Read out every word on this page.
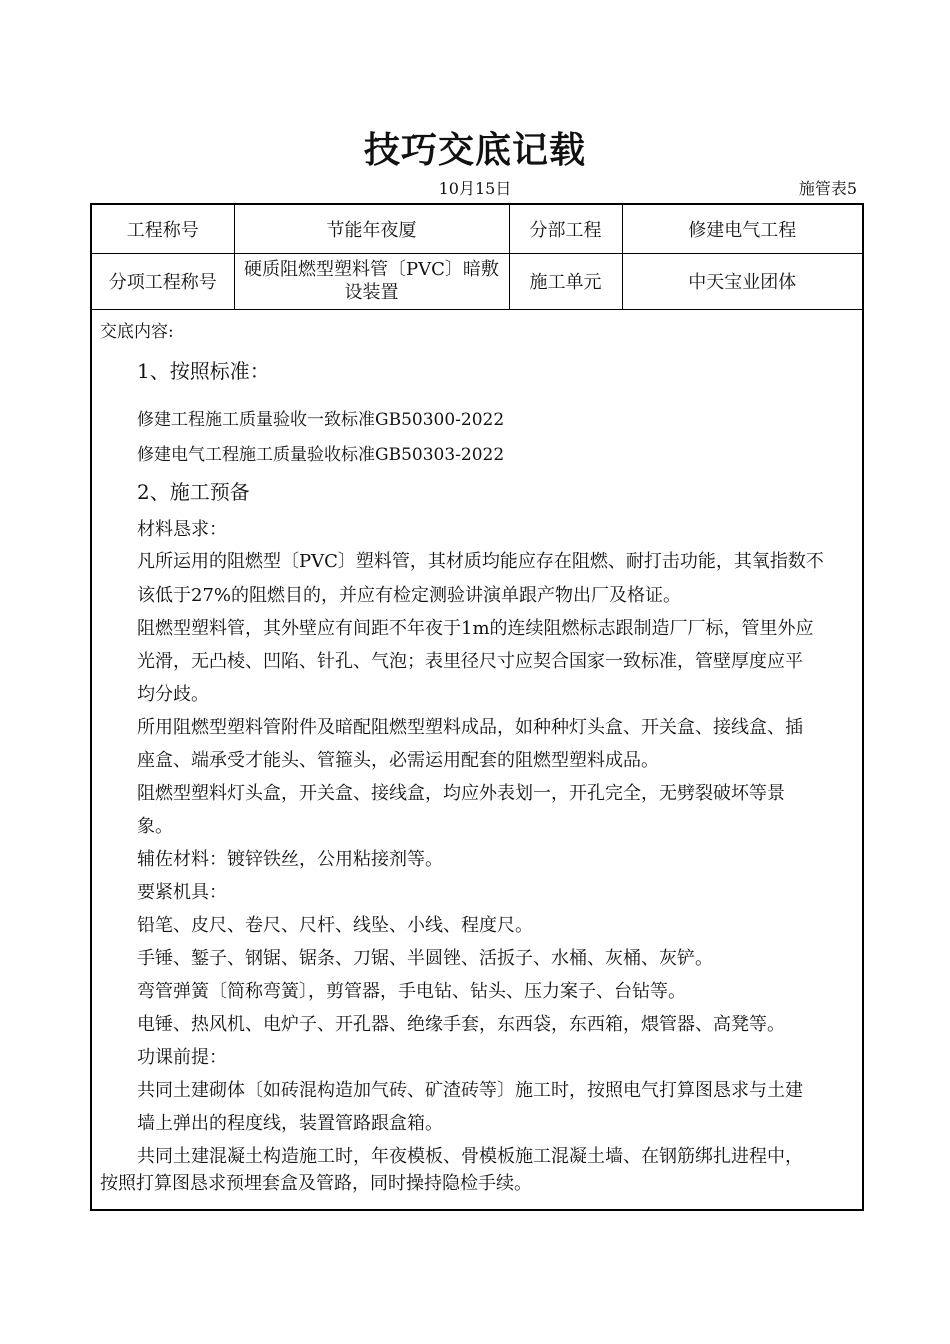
技巧交底记载
10月15日	施管表5
工程称号	节能年夜厦	分部工程	修建电气工程
分项工程称号	硬质阻燃型塑料管〔PVC〕暗敷设装置	施工单元	中天宝业团体
交底内容:
1、按照标准：
修建工程施工质量验收一致标准GB50300-2022
修建电气工程施工质量验收标准GB50303-2022
2、施工预备
材料恳求：
凡所运用的阻燃型〔PVC〕塑料管，其材质均能应存在阻燃、耐打击功能，其氧指数不
该低于27%的阻燃目的，并应有检定测验讲演单跟产物出厂及格证。
阻燃型塑料管，其外壁应有间距不年夜于1m的连续阻燃标志跟制造厂厂标，管里外应
光滑，无凸棱、凹陷、针孔、气泡；表里径尺寸应契合国家一致标准，管壁厚度应平
均分歧。
所用阻燃型塑料管附件及暗配阻燃型塑料成品，如种种灯头盒、开关盒、接线盒、插
座盒、端承受才能头、管箍头，必需运用配套的阻燃型塑料成品。
阻燃型塑料灯头盒，开关盒、接线盒，均应外表划一，开孔完全，无劈裂破坏等景
象。
辅佐材料：镀锌铁丝，公用粘接剂等。
要紧机具：
铅笔、皮尺、卷尺、尺杆、线坠、小线、程度尺。
手锤、錾子、钢锯、锯条、刀锯、半圆锉、活扳子、水桶、灰桶、灰铲。
弯管弹簧〔简称弯簧〕，剪管器，手电钻、钻头、压力案子、台钻等。
电锤、热风机、电炉子、开孔器、绝缘手套，东西袋，东西箱，煨管器、高凳等。
功课前提：
共同土建砌体〔如砖混构造加气砖、矿渣砖等〕施工时，按照电气打算图恳求与土建
墙上弹出的程度线，装置管路跟盒箱。
共同土建混凝土构造施工时，年夜模板、骨模板施工混凝土墙、在钢筋绑扎进程中，
按照打算图恳求预埋套盒及管路，同时操持隐检手续。
